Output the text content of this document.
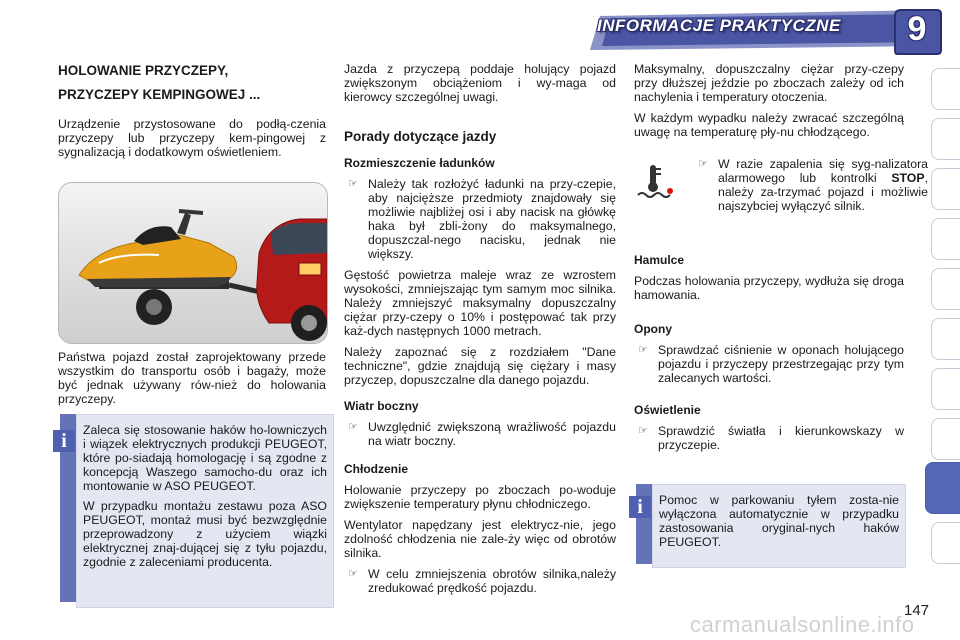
INFORMACJE PRAKTYCZNE	9

HOLOWANIE PRZYCZEPY,

PRZYCZEPY KEMPINGOWEJ ...

Urządzenie przystosowane do podłą-czenia przyczepy lub przyczepy kem-pingowej z sygnalizacją i dodatkowym oświetleniem.

Państwa pojazd został zaprojektowany przede wszystkim do transportu osób i bagaży, może być jednak używany rów-nież do holowania przyczepy.

i	Zaleca się stosowanie haków ho-lowniczych i wiązek elektrycznych produkcji PEUGEOT, które po-siadają homologację i są zgodne z koncepcją Waszego samocho-du oraz ich montowanie w ASO PEUGEOT.

W przypadku montażu zestawu poza ASO PEUGEOT, montaż musi być bezwzględnie przeprowadzony z użyciem wiązki elektrycznej znaj-dującej się z tyłu pojazdu, zgodnie z zaleceniami producenta.

Jazda z przyczepą poddaje holujący pojazd zwiększonym obciążeniom i wy-maga od kierowcy szczególnej uwagi.

Porady dotyczące jazdy

Rozmieszczenie ładunków

☞ Należy tak rozłożyć ładunki na przy-czepie, aby najcięższe przedmioty znajdowały się możliwie najbliżej osi i aby nacisk na główkę haka był zbli-żony do maksymalnego, dopuszczal-nego nacisku, jednak nie większy.

Gęstość powietrza maleje wraz ze wzrostem wysokości, zmniejszając tym samym moc silnika. Należy zmniejszyć maksymalny dopuszczalny ciężar przy-czepy o 10% i postępować tak przy każ-dych następnych 1000 metrach.

Należy zapoznać się z rozdziałem "Dane techniczne", gdzie znajdują się ciężary i masy przyczep, dopuszczalne dla danego pojazdu.

Wiatr boczny

☞ Uwzględnić zwiększoną wrażliwość pojazdu na wiatr boczny.

Chłodzenie

Holowanie przyczepy po zboczach po-woduje zwiększenie temperatury płynu chłodniczego.

Wentylator napędzany jest elektrycz-nie, jego zdolność chłodzenia nie zale-ży więc od obrotów silnika.

☞ W celu zmniejszenia obrotów silnika,należy zredukować prędkość pojazdu.

Maksymalny, dopuszczalny ciężar przy-czepy przy dłuższej jeździe po zboczach zależy od ich nachylenia i temperatury otoczenia.

W każdym wypadku należy zwracać szczególną uwagę na temperaturę pły-nu chłodzącego.

☞ W razie zapalenia się syg-nalizatora alarmowego lub kontrolki STOP, należy za-trzymać pojazd i możliwie najszybciej wyłączyć silnik.

Hamulce

Podczas holowania przyczepy, wydłuża się droga hamowania.

Opony

☞ Sprawdzać ciśnienie w oponach holującego pojazdu i przyczepy przestrzegając przy tym zalecanych wartości.

Oświetlenie

☞ Sprawdzić światła i kierunkowskazy w przyczepie.
i	Pomoc w parkowaniu tyłem zosta-nie wyłączona automatycznie w przypadku zastosowania oryginal-nych haków PEUGEOT.

carmanualsonline.info
147
